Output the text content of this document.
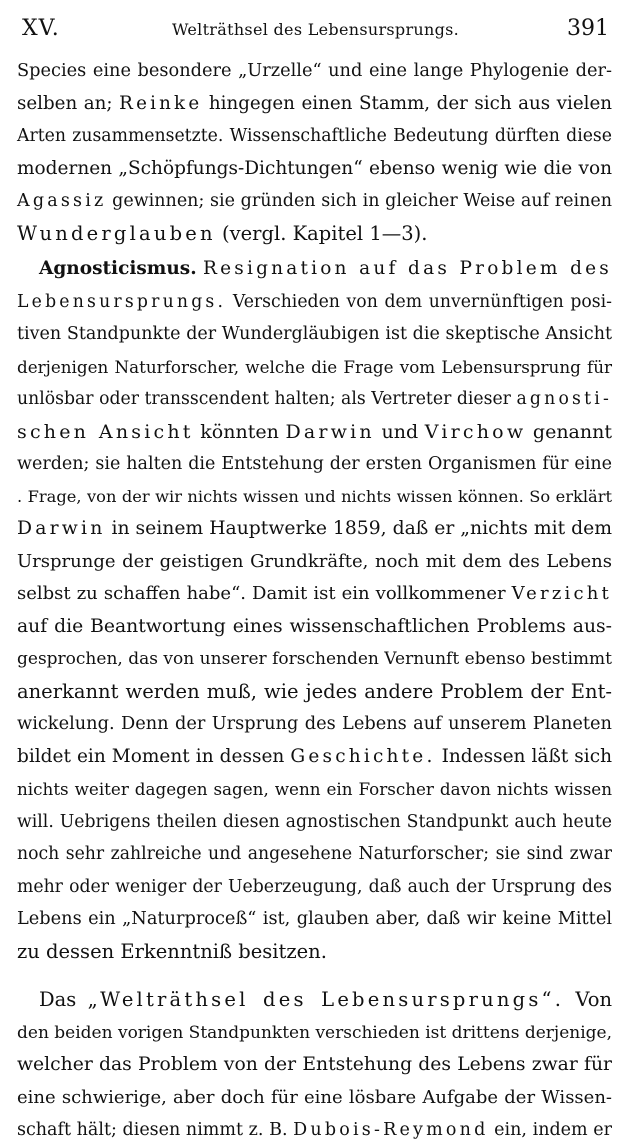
XV.	Welträthsel des Lebensursprungs.	391
Species eine besondere „Urzelle“ und eine lange Phylogenie der-
selben an; Reinke hingegen einen Stamm, der sich aus vielen
Arten zusammensetzte. Wissenschaftliche Bedeutung dürften diese
modernen „Schöpfungs-Dichtungen“ ebenso wenig wie die von
Agassiz gewinnen; sie gründen sich in gleicher Weise auf reinen
Wunderglauben (vergl. Kapitel 1—3).
Agnosticismus. Resignation auf das Problem des
Lebensursprungs. Verschieden von dem unvernünftigen posi-
tiven Standpunkte der Wundergläubigen ist die skeptische Ansicht
derjenigen Naturforscher, welche die Frage vom Lebensursprung für
unlösbar oder transscendent halten; als Vertreter dieser agnosti-
schen Ansicht könnten Darwin und Virchow genannt
werden; sie halten die Entstehung der ersten Organismen für eine
. Frage, von der wir nichts wissen und nichts wissen können. So erklärt
Darwin in seinem Hauptwerke 1859, daß er „nichts mit dem
Ursprunge der geistigen Grundkräfte, noch mit dem des Lebens
selbst zu schaffen habe“. Damit ist ein vollkommener Verzicht
auf die Beantwortung eines wissenschaftlichen Problems aus-
gesprochen, das von unserer forschenden Vernunft ebenso bestimmt
anerkannt werden muß, wie jedes andere Problem der Ent-
wickelung. Denn der Ursprung des Lebens auf unserem Planeten
bildet ein Moment in dessen Geschichte. Indessen läßt sich
nichts weiter dagegen sagen, wenn ein Forscher davon nichts wissen
will. Uebrigens theilen diesen agnostischen Standpunkt auch heute
noch sehr zahlreiche und angesehene Naturforscher; sie sind zwar
mehr oder weniger der Ueberzeugung, daß auch der Ursprung des
Lebens ein „Naturproceß“ ist, glauben aber, daß wir keine Mittel
zu dessen Erkenntniß besitzen.
Das „Welträthsel des Lebensursprungs“. Von
den beiden vorigen Standpunkten verschieden ist drittens derjenige,
welcher das Problem von der Entstehung des Lebens zwar für
eine schwierige, aber doch für eine lösbare Aufgabe der Wissen-
schaft hält; diesen nimmt z. B. Dubois-Reymond ein, indem er
